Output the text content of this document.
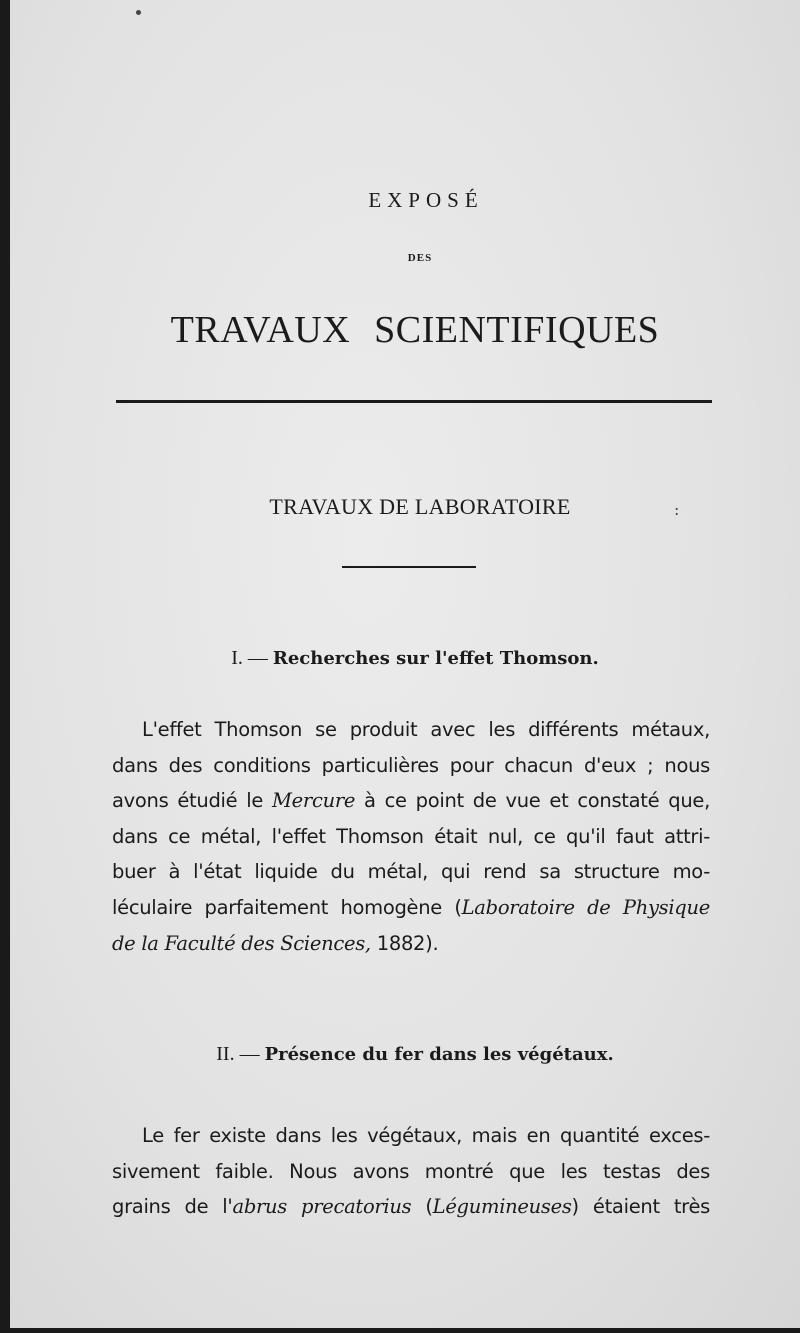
EXPOSÉ
DES
TRAVAUX SCIENTIFIQUES
TRAVAUX DE LABORATOIRE	:
I. — Recherches sur l'effet Thomson.

L'effet Thomson se produit avec les différents métaux,
dans des conditions particulières pour chacun d'eux ; nous
avons étudié le Mercure à ce point de vue et constaté que,
dans ce métal, l'effet Thomson était nul, ce qu'il faut attri-
buer à l'état liquide du métal, qui rend sa structure mo-
léculaire parfaitement homogène (Laboratoire de Physique
de la Faculté des Sciences, 1882).

II. — Présence du fer dans les végétaux.

Le fer existe dans les végétaux, mais en quantité exces-
sivement faible. Nous avons montré que les testas des
grains de l'abrus precatorius (Légumineuses) étaient très
